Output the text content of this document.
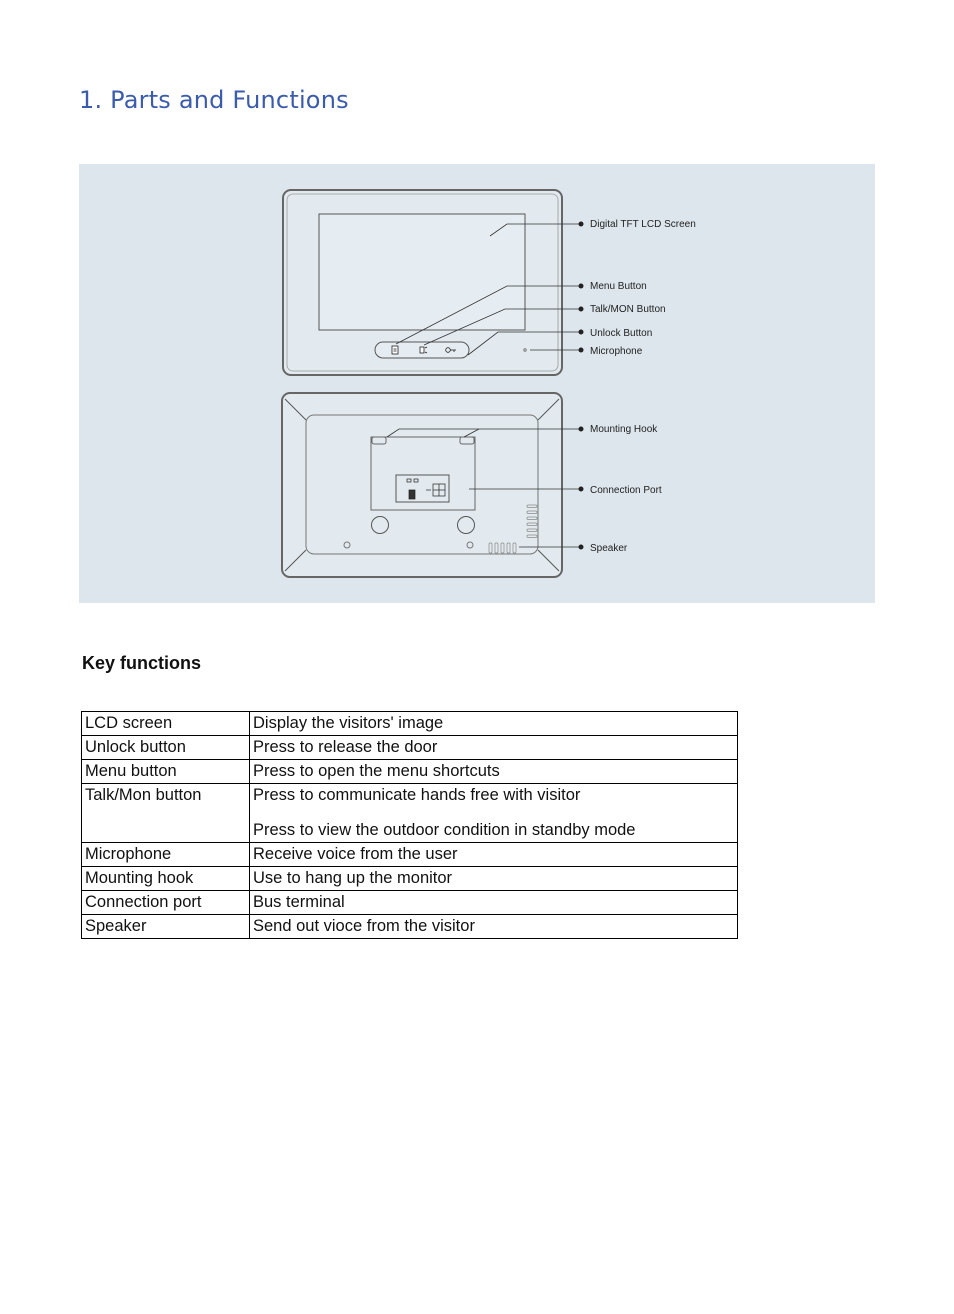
1. Parts and Functions
Digital TFT LCD Screen
Menu Button
Talk/MON Button
Unlock Button
Microphone
Mounting Hook
Connection Port
Speaker
Key functions
LCD screen	Display the visitors' image

Unlock button	Press to release the door

Menu button	Press to open the menu shortcuts

Talk/Mon button	Press to communicate hands free with visitor
Press to view the outdoor condition in standby mode

Microphone	Receive voice from the user

Mounting hook	Use to hang up the monitor

Connection port	Bus terminal

Speaker	Send out vioce from the visitor
